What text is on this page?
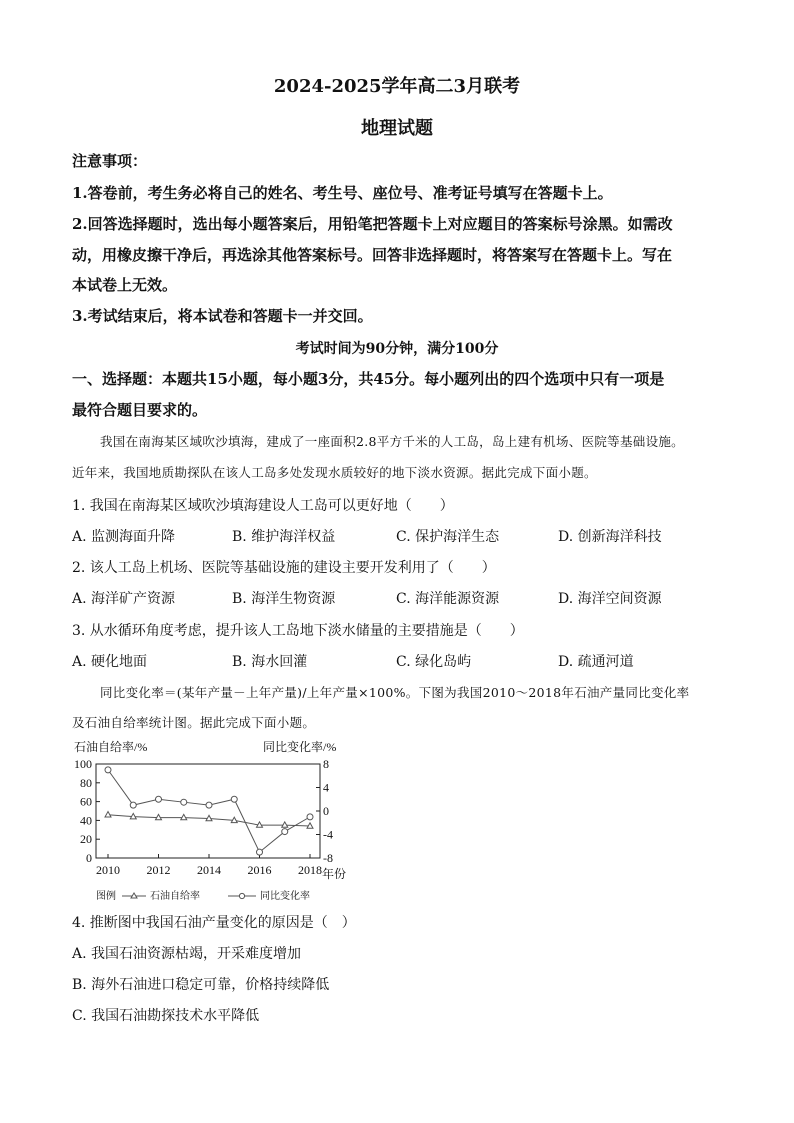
2024-2025学年高二3月联考
地理试题
注意事项：
1.答卷前，考生务必将自己的姓名、考生号、座位号、准考证号填写在答题卡上。
2.回答选择题时，选出每小题答案后，用铅笔把答题卡上对应题目的答案标号涂黑。如需改
动，用橡皮擦干净后，再选涂其他答案标号。回答非选择题时，将答案写在答题卡上。写在
本试卷上无效。
3.考试结束后，将本试卷和答题卡一并交回。
考试时间为90分钟，满分100分
一、选择题：本题共15小题，每小题3分，共45分。每小题列出的四个选项中只有一项是
最符合题目要求的。
我国在南海某区域吹沙填海，建成了一座面积2.8平方千米的人工岛，岛上建有机场、医院等基础设施。
近年来，我国地质勘探队在该人工岛多处发现水质较好的地下淡水资源。据此完成下面小题。
1. 我国在南海某区域吹沙填海建设人工岛可以更好地（　　）
A. 监测海面升降	B. 维护海洋权益	C. 保护海洋生态	D. 创新海洋科技
2. 该人工岛上机场、医院等基础设施的建设主要开发利用了（　　）
A. 海洋矿产资源	B. 海洋生物资源	C. 海洋能源资源	D. 海洋空间资源
3. 从水循环角度考虑，提升该人工岛地下淡水储量的主要措施是（　　）
A. 硬化地面	B. 海水回灌	C. 绿化岛屿	D. 疏通河道
同比变化率＝(某年产量－上年产量)/上年产量×100%。下图为我国2010～2018年石油产量同比变化率
及石油自给率统计图。据此完成下面小题。
石油自给率/%	同比变化率/%
100
80
60
40
20
0
8
4
0
-4
-8
2010 2012 2014 2016 2018 年份
图例	石油自给率	同比变化率
4. 推断图中我国石油产量变化的原因是（　）
A. 我国石油资源枯竭，开采难度增加
B. 海外石油进口稳定可靠，价格持续降低
C. 我国石油勘探技术水平降低
